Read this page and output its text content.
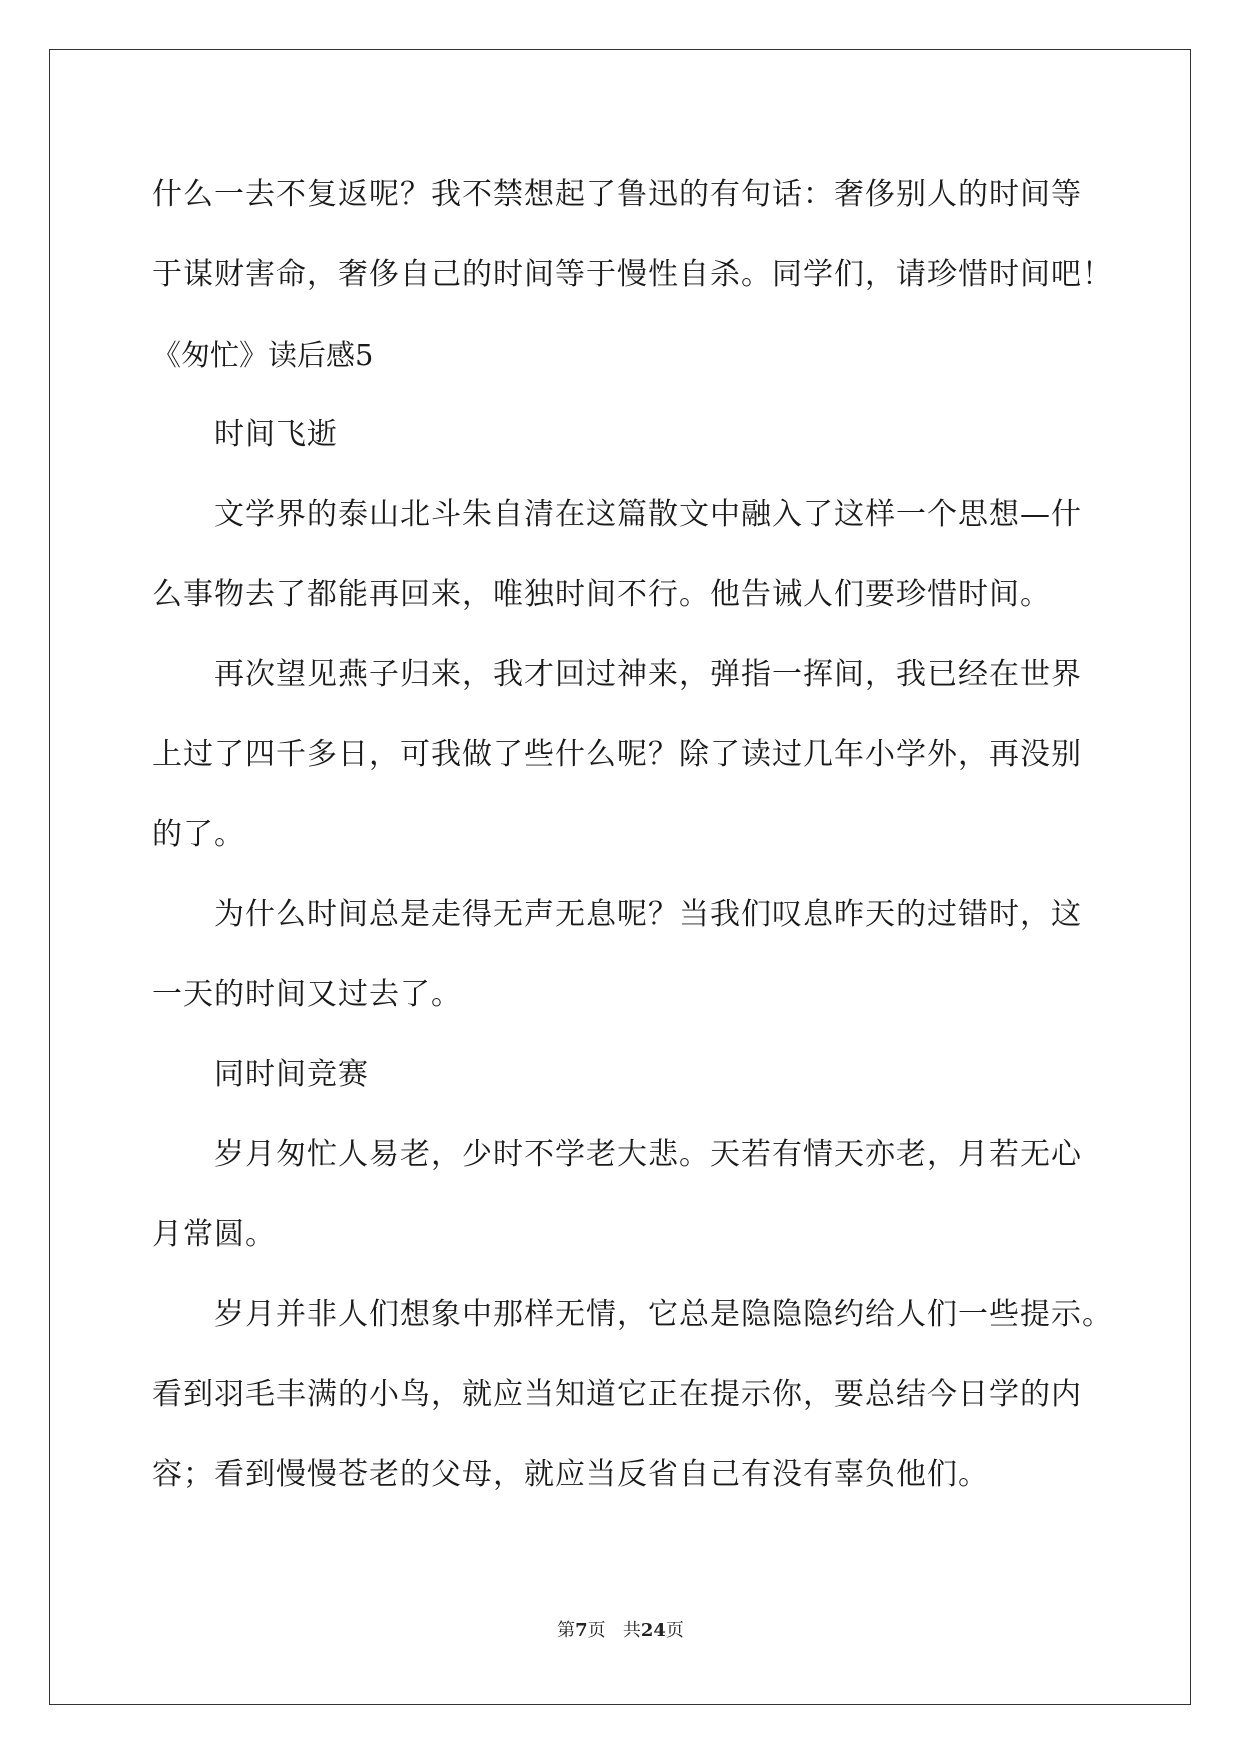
什么一去不复返呢？我不禁想起了鲁迅的有句话：奢侈别人的时间等

于谋财害命，奢侈自己的时间等于慢性自杀。同学们，请珍惜时间吧！

《匆忙》读后感5

时间飞逝

文学界的泰山北斗朱自清在这篇散文中融入了这样一个思想—什

么事物去了都能再回来，唯独时间不行。他告诫人们要珍惜时间。

再次望见燕子归来，我才回过神来，弹指一挥间，我已经在世界

上过了四千多日，可我做了些什么呢？除了读过几年小学外，再没别

的了。

为什么时间总是走得无声无息呢？当我们叹息昨天的过错时，这

一天的时间又过去了。

同时间竞赛

岁月匆忙人易老，少时不学老大悲。天若有情天亦老，月若无心

月常圆。

岁月并非人们想象中那样无情，它总是隐隐隐约给人们一些提示。

看到羽毛丰满的小鸟，就应当知道它正在提示你，要总结今日学的内

容；看到慢慢苍老的父母，就应当反省自己有没有辜负他们。

第7页 共24页
